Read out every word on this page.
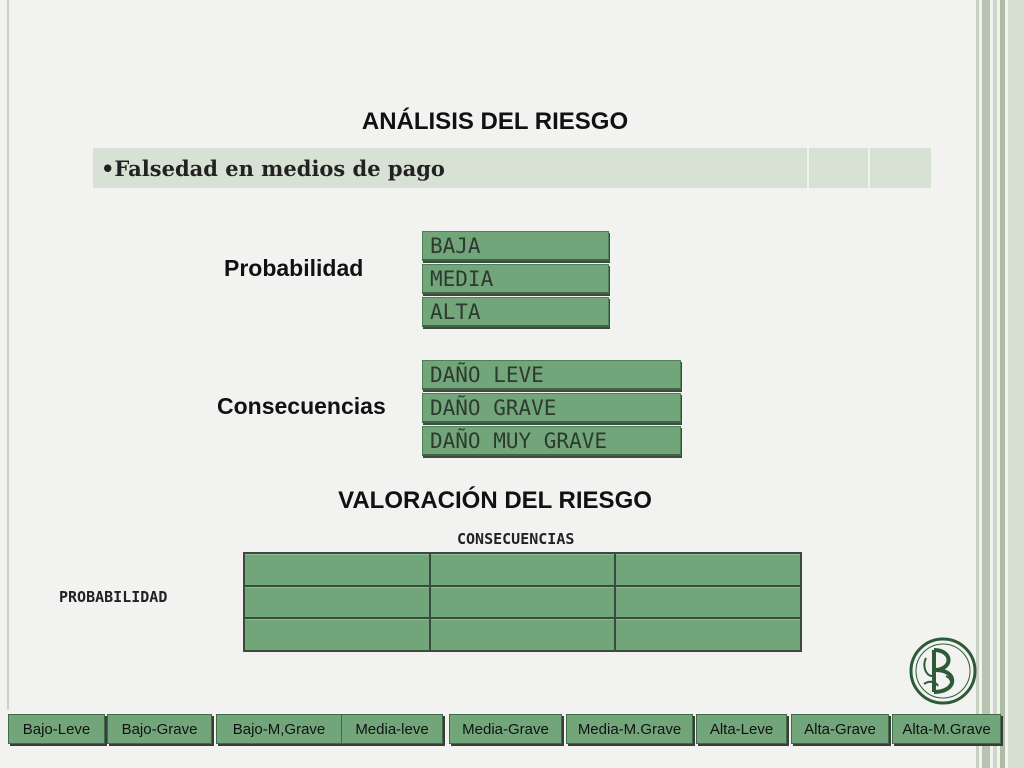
ANÁLISIS DEL RIESGO
•Falsedad en medios de pago
Probabilidad
BAJA
MEDIA
ALTA
Consecuencias
DAÑO LEVE
DAÑO GRAVE
DAÑO MUY GRAVE
VALORACIÓN DEL RIESGO
CONSECUENCIAS
PROBABILIDAD
Bajo-Leve	Bajo-Grave	Bajo-M,Grave	Media-leve	Media-Grave	Media-M.Grave	Alta-Leve	Alta-Grave	Alta-M.Grave
